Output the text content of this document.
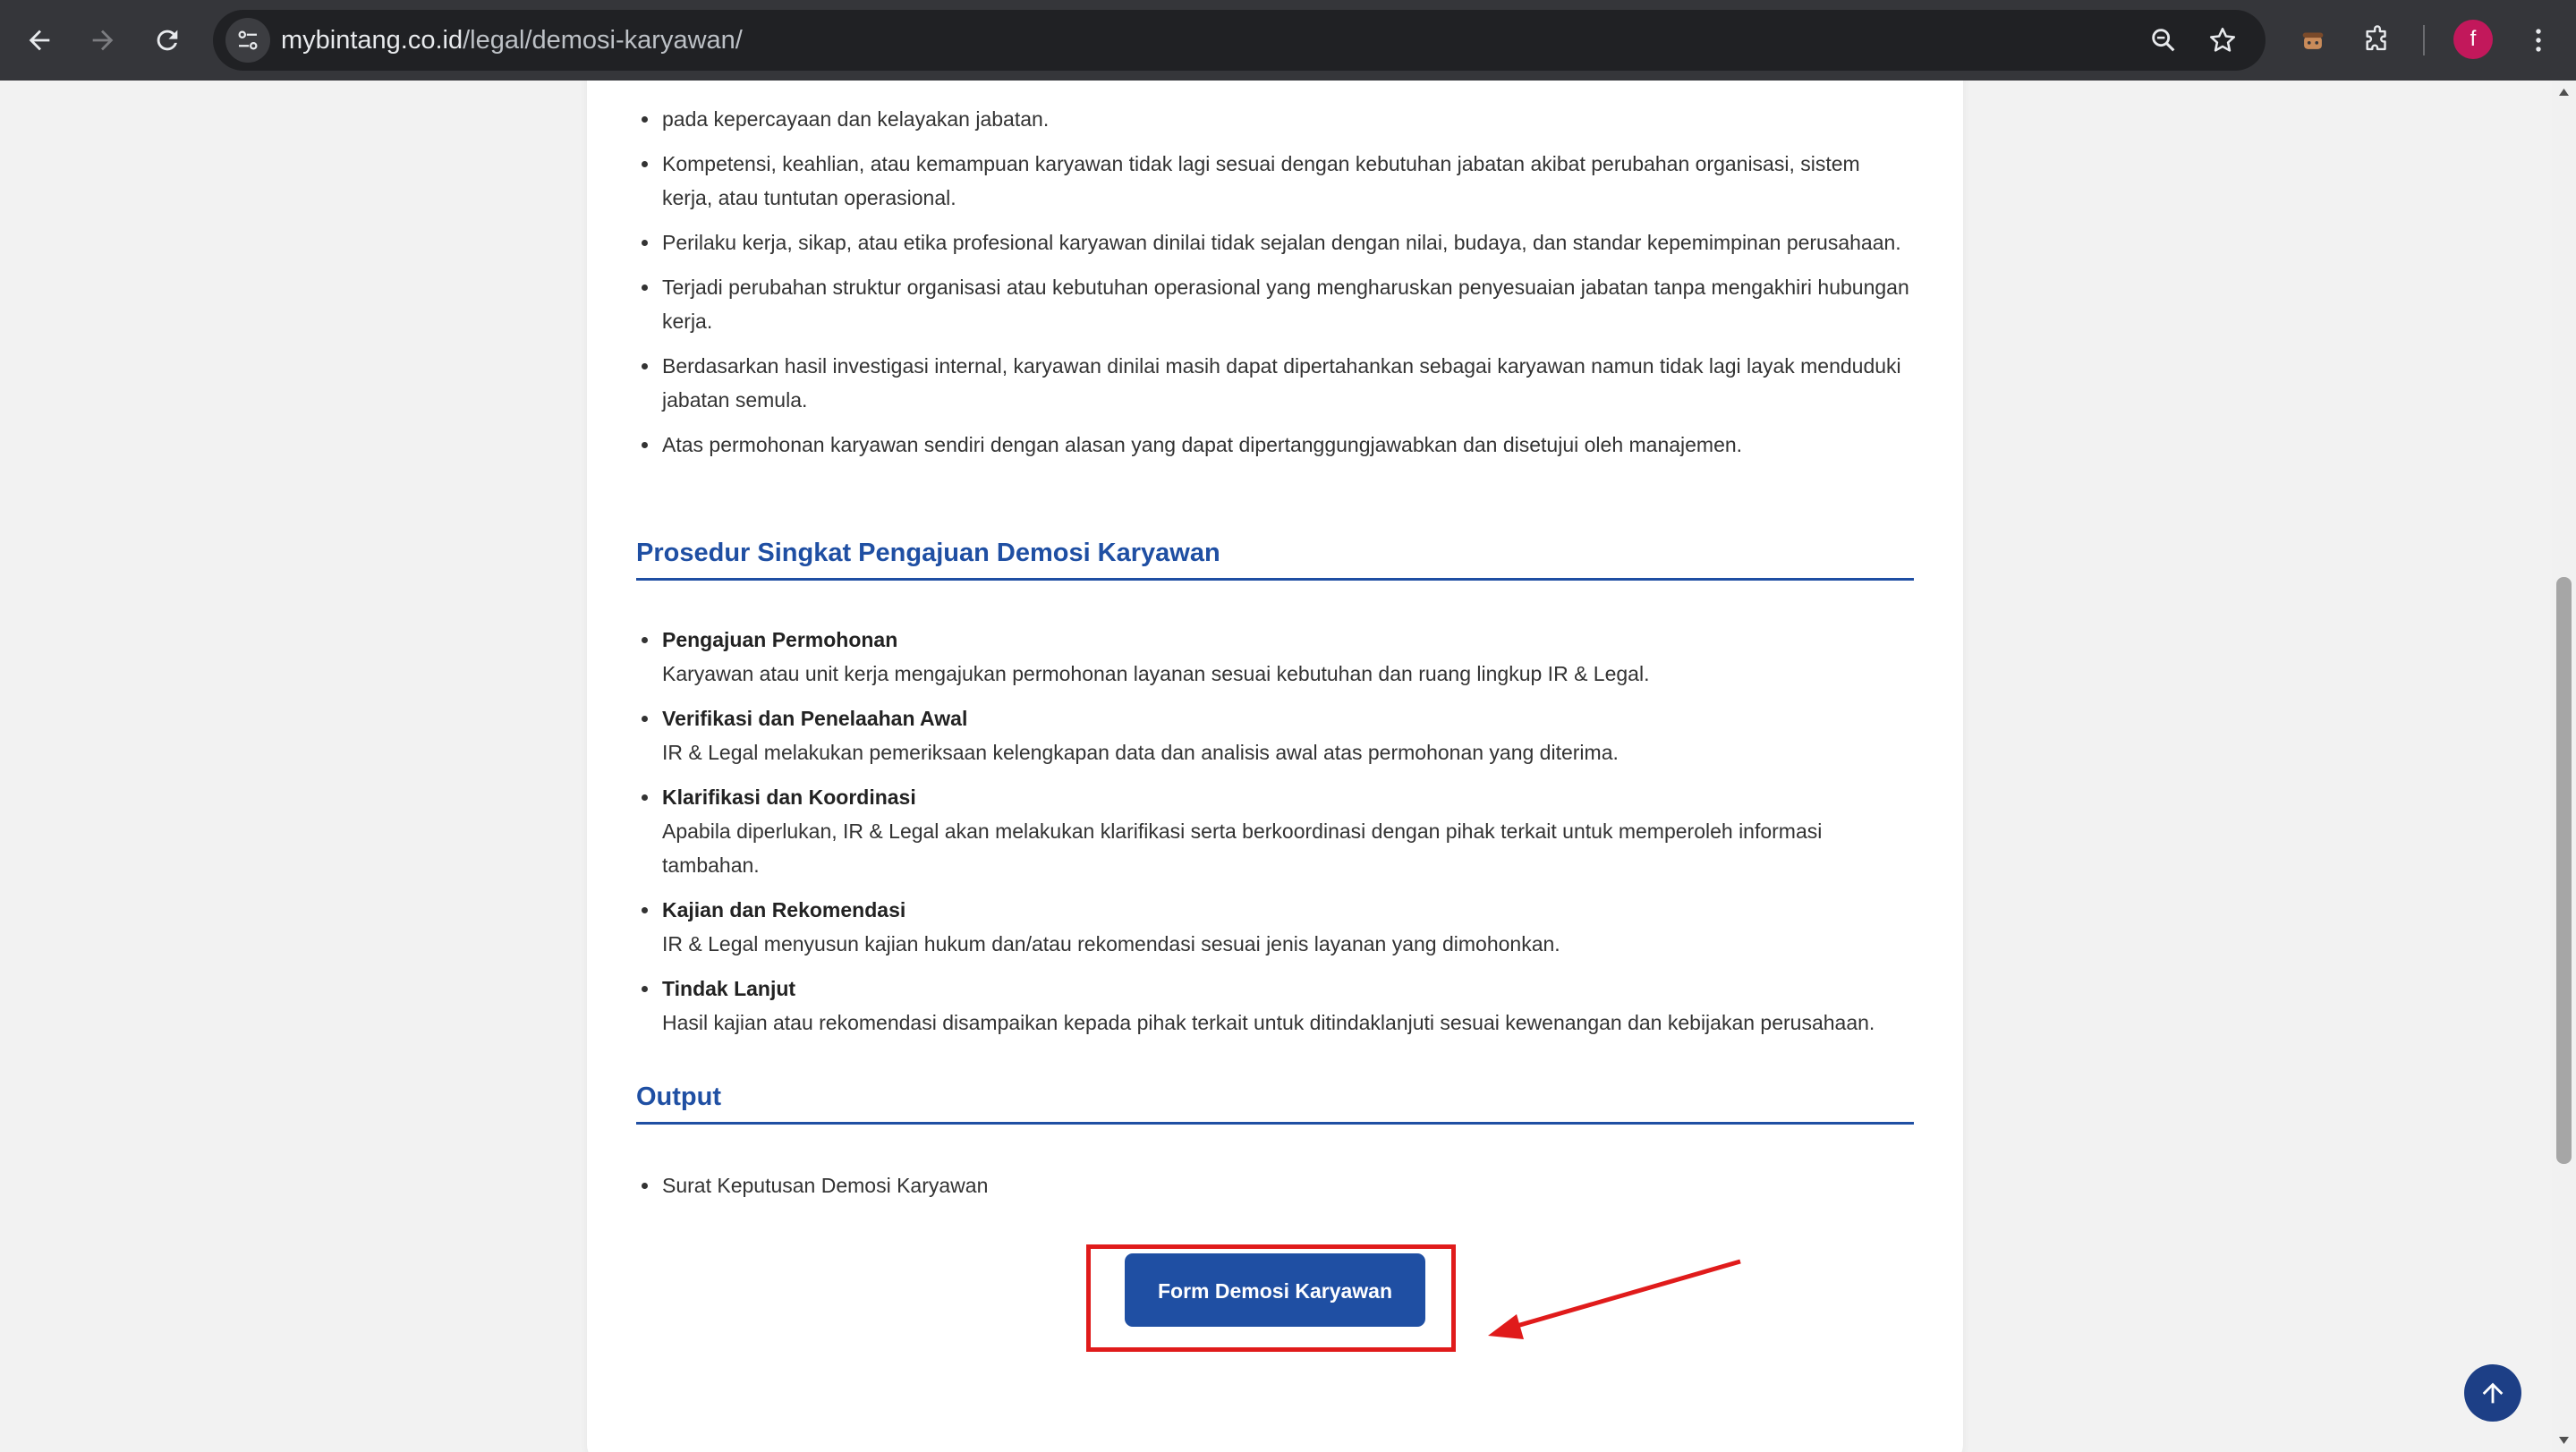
mybintang.co.id/legal/demosi-karyawan/	f
pada kepercayaan dan kelayakan jabatan.
Kompetensi, keahlian, atau kemampuan karyawan tidak lagi sesuai dengan kebutuhan jabatan akibat perubahan organisasi, sistem kerja, atau tuntutan operasional.
Perilaku kerja, sikap, atau etika profesional karyawan dinilai tidak sejalan dengan nilai, budaya, dan standar kepemimpinan perusahaan.
Terjadi perubahan struktur organisasi atau kebutuhan operasional yang mengharuskan penyesuaian jabatan tanpa mengakhiri hubungan kerja.
Berdasarkan hasil investigasi internal, karyawan dinilai masih dapat dipertahankan sebagai karyawan namun tidak lagi layak menduduki jabatan semula.
Atas permohonan karyawan sendiri dengan alasan yang dapat dipertanggungjawabkan dan disetujui oleh manajemen.
Prosedur Singkat Pengajuan Demosi Karyawan
Pengajuan Permohonan
Karyawan atau unit kerja mengajukan permohonan layanan sesuai kebutuhan dan ruang lingkup IR & Legal.
Verifikasi dan Penelaahan Awal
IR & Legal melakukan pemeriksaan kelengkapan data dan analisis awal atas permohonan yang diterima.
Klarifikasi dan Koordinasi
Apabila diperlukan, IR & Legal akan melakukan klarifikasi serta berkoordinasi dengan pihak terkait untuk memperoleh informasi tambahan.
Kajian dan Rekomendasi
IR & Legal menyusun kajian hukum dan/atau rekomendasi sesuai jenis layanan yang dimohonkan.
Tindak Lanjut
Hasil kajian atau rekomendasi disampaikan kepada pihak terkait untuk ditindaklanjuti sesuai kewenangan dan kebijakan perusahaan.
Output
Surat Keputusan Demosi Karyawan
Form Demosi Karyawan
